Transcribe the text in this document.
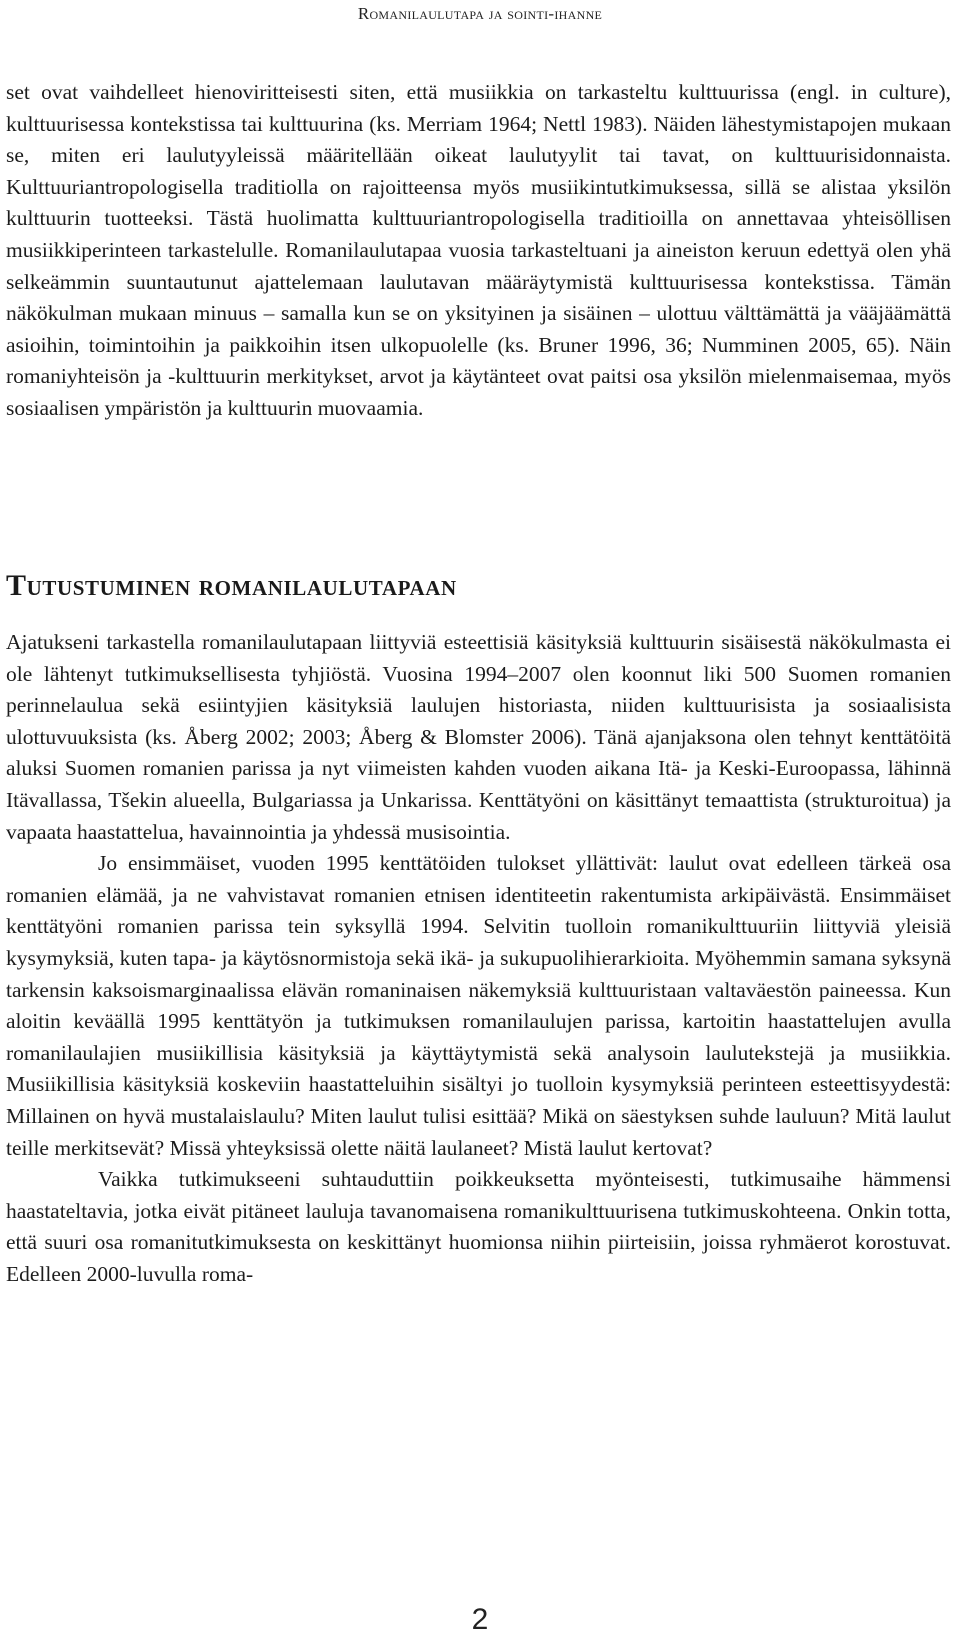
Romanilaulutapa ja sointi-ihanne

set ovat vaihdelleet hienoviritteisesti siten, että musiikkia on tarkasteltu kulttuurissa (engl. in culture), kulttuurisessa kontekstissa tai kulttuurina (ks. Merriam 1964; Nettl 1983). Näiden lähestymistapojen mukaan se, miten eri laulutyyleissä määritellään oikeat laulutyylit tai tavat, on kulttuurisidonnaista. Kulttuuriantropologisella traditiolla on rajoitteensa myös musiikintutkimuksessa, sillä se alistaa yksilön kulttuurin tuotteeksi. Tästä huolimatta kulttuuriantropologisella traditioilla on annettavaa yhteisöllisen musiikkiperinteen tarkastelulle. Romanilaulutapaa vuosia tarkasteltuani ja aineiston keruun edettyä olen yhä selkeämmin suuntautunut ajattelemaan laulutavan määräytymistä kulttuurisessa kontekstissa. Tämän näkökulman mukaan minuus – samalla kun se on yksityinen ja sisäinen – ulottuu välttämättä ja vääjäämättä asioihin, toimintoihin ja paikkoihin itsen ulkopuolelle (ks. Bruner 1996, 36; Numminen 2005, 65). Näin romaniyhteisön ja -kulttuurin merkitykset, arvot ja käytänteet ovat paitsi osa yksilön mielenmaisemaa, myös sosiaalisen ympäristön ja kulttuurin muovaamia.

Tutustuminen romanilaulutapaan

Ajatukseni tarkastella romanilaulutapaan liittyviä esteettisiä käsityksiä kulttuurin sisäisestä näkökulmasta ei ole lähtenyt tutkimuksellisesta tyhjiöstä. Vuosina 1994–2007 olen koonnut liki 500 Suomen romanien perinnelaulua sekä esiintyjien käsityksiä laulujen historiasta, niiden kulttuurisista ja sosiaalisista ulottuvuuksista (ks. Åberg 2002; 2003; Åberg & Blomster 2006). Tänä ajanjaksona olen tehnyt kenttätöitä aluksi Suomen romanien parissa ja nyt viimeisten kahden vuoden aikana Itä- ja Keski-Euroopassa, lähinnä Itävallassa, Tšekin alueella, Bulgariassa ja Unkarissa. Kenttätyöni on käsittänyt temaattista (strukturoitua) ja vapaata haastattelua, havainnointia ja yhdessä musisointia.

Jo ensimmäiset, vuoden 1995 kenttätöiden tulokset yllättivät: laulut ovat edelleen tärkeä osa romanien elämää, ja ne vahvistavat romanien etnisen identiteetin rakentumista arkipäivästä. Ensimmäiset kenttätyöni romanien parissa tein syksyllä 1994. Selvitin tuolloin romanikulttuuriin liittyviä yleisiä kysymyksiä, kuten tapa- ja käytösnormistoja sekä ikä- ja sukupuolihierarkioita. Myöhemmin samana syksynä tarkensin kaksoismarginaalissa elävän romaninaisen näkemyksiä kulttuuristaan valtaväestön paineessa. Kun aloitin keväällä 1995 kenttätyön ja tutkimuksen romanilaulujen parissa, kartoitin haastattelujen avulla romanilaulajien musiikillisia käsityksiä ja käyttäytymistä sekä analysoin laulutekstejä ja musiikkia. Musiikillisia käsityksiä koskeviin haastatteluihin sisältyi jo tuolloin kysymyksiä perinteen esteettisyydestä: Millainen on hyvä mustalaislaulu? Miten laulut tulisi esittää? Mikä on säestyksen suhde lauluun? Mitä laulut teille merkitsevät? Missä yhteyksissä olette näitä laulaneet? Mistä laulut kertovat?

Vaikka tutkimukseeni suhtauduttiin poikkeuksetta myönteisesti, tutkimusaihe hämmensi haastateltavia, jotka eivät pitäneet lauluja tavanomaisena romanikulttuurisena tutkimuskohteena. Onkin totta, että suuri osa romanitutkimuksesta on keskittänyt huomionsa niihin piirteisiin, joissa ryhmäerot korostuvat. Edelleen 2000-luvulla roma-

2
